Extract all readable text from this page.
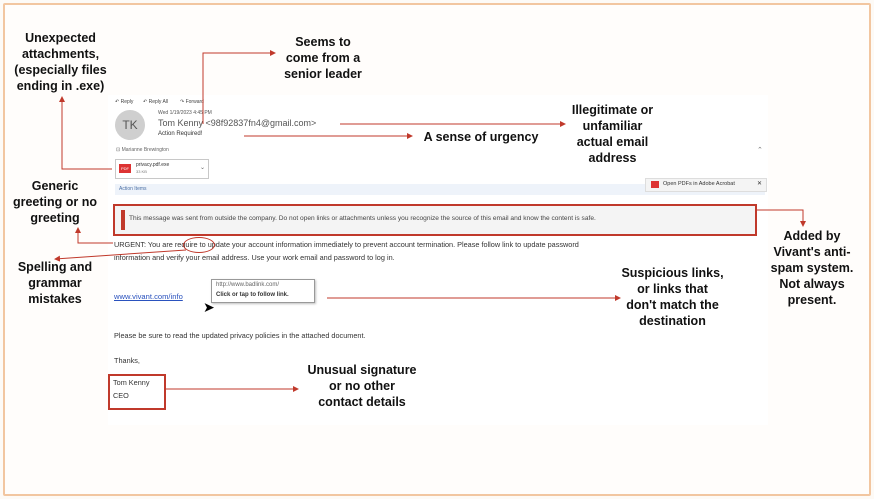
↶ Reply ↶ Reply All ↷ Forward
Wed 1/19/2023 4:45 PM
TK Tom Kenny <98f92837fn4@gmail.com>
Action Required!
⊡ Marianne Brewington
PDF
privacy.pdf.exe
33 KB
⌄
⌃
Action Items
Open PDFs in Adobe Acrobat	✕
This message was sent from outside the company. Do not open links or attachments unless you recognize the source of this email and know the content is safe.
URGENT: You are require to update your account information immediately to prevent account termination. Please follow link to update password
information and verify your email address. Use your work email and password to log in.
www.vivant.com/info
http://www.badlink.com/
Click or tap to follow link.
➤
Please be sure to read the updated privacy policies in the attached document.
Thanks,
Tom Kenny
CEO
Unexpected
attachments,
(especially files
ending in .exe)
Seems to
come from a
senior leader
Illegitimate or
unfamiliar
actual email
address
A sense of urgency
Generic
greeting or no
greeting
Spelling and
grammar
mistakes
Added by
Vivant's anti-
spam system.
Not always
present.
Suspicious links,
or links that
don't match the
destination
Unusual signature
or no other
contact details
